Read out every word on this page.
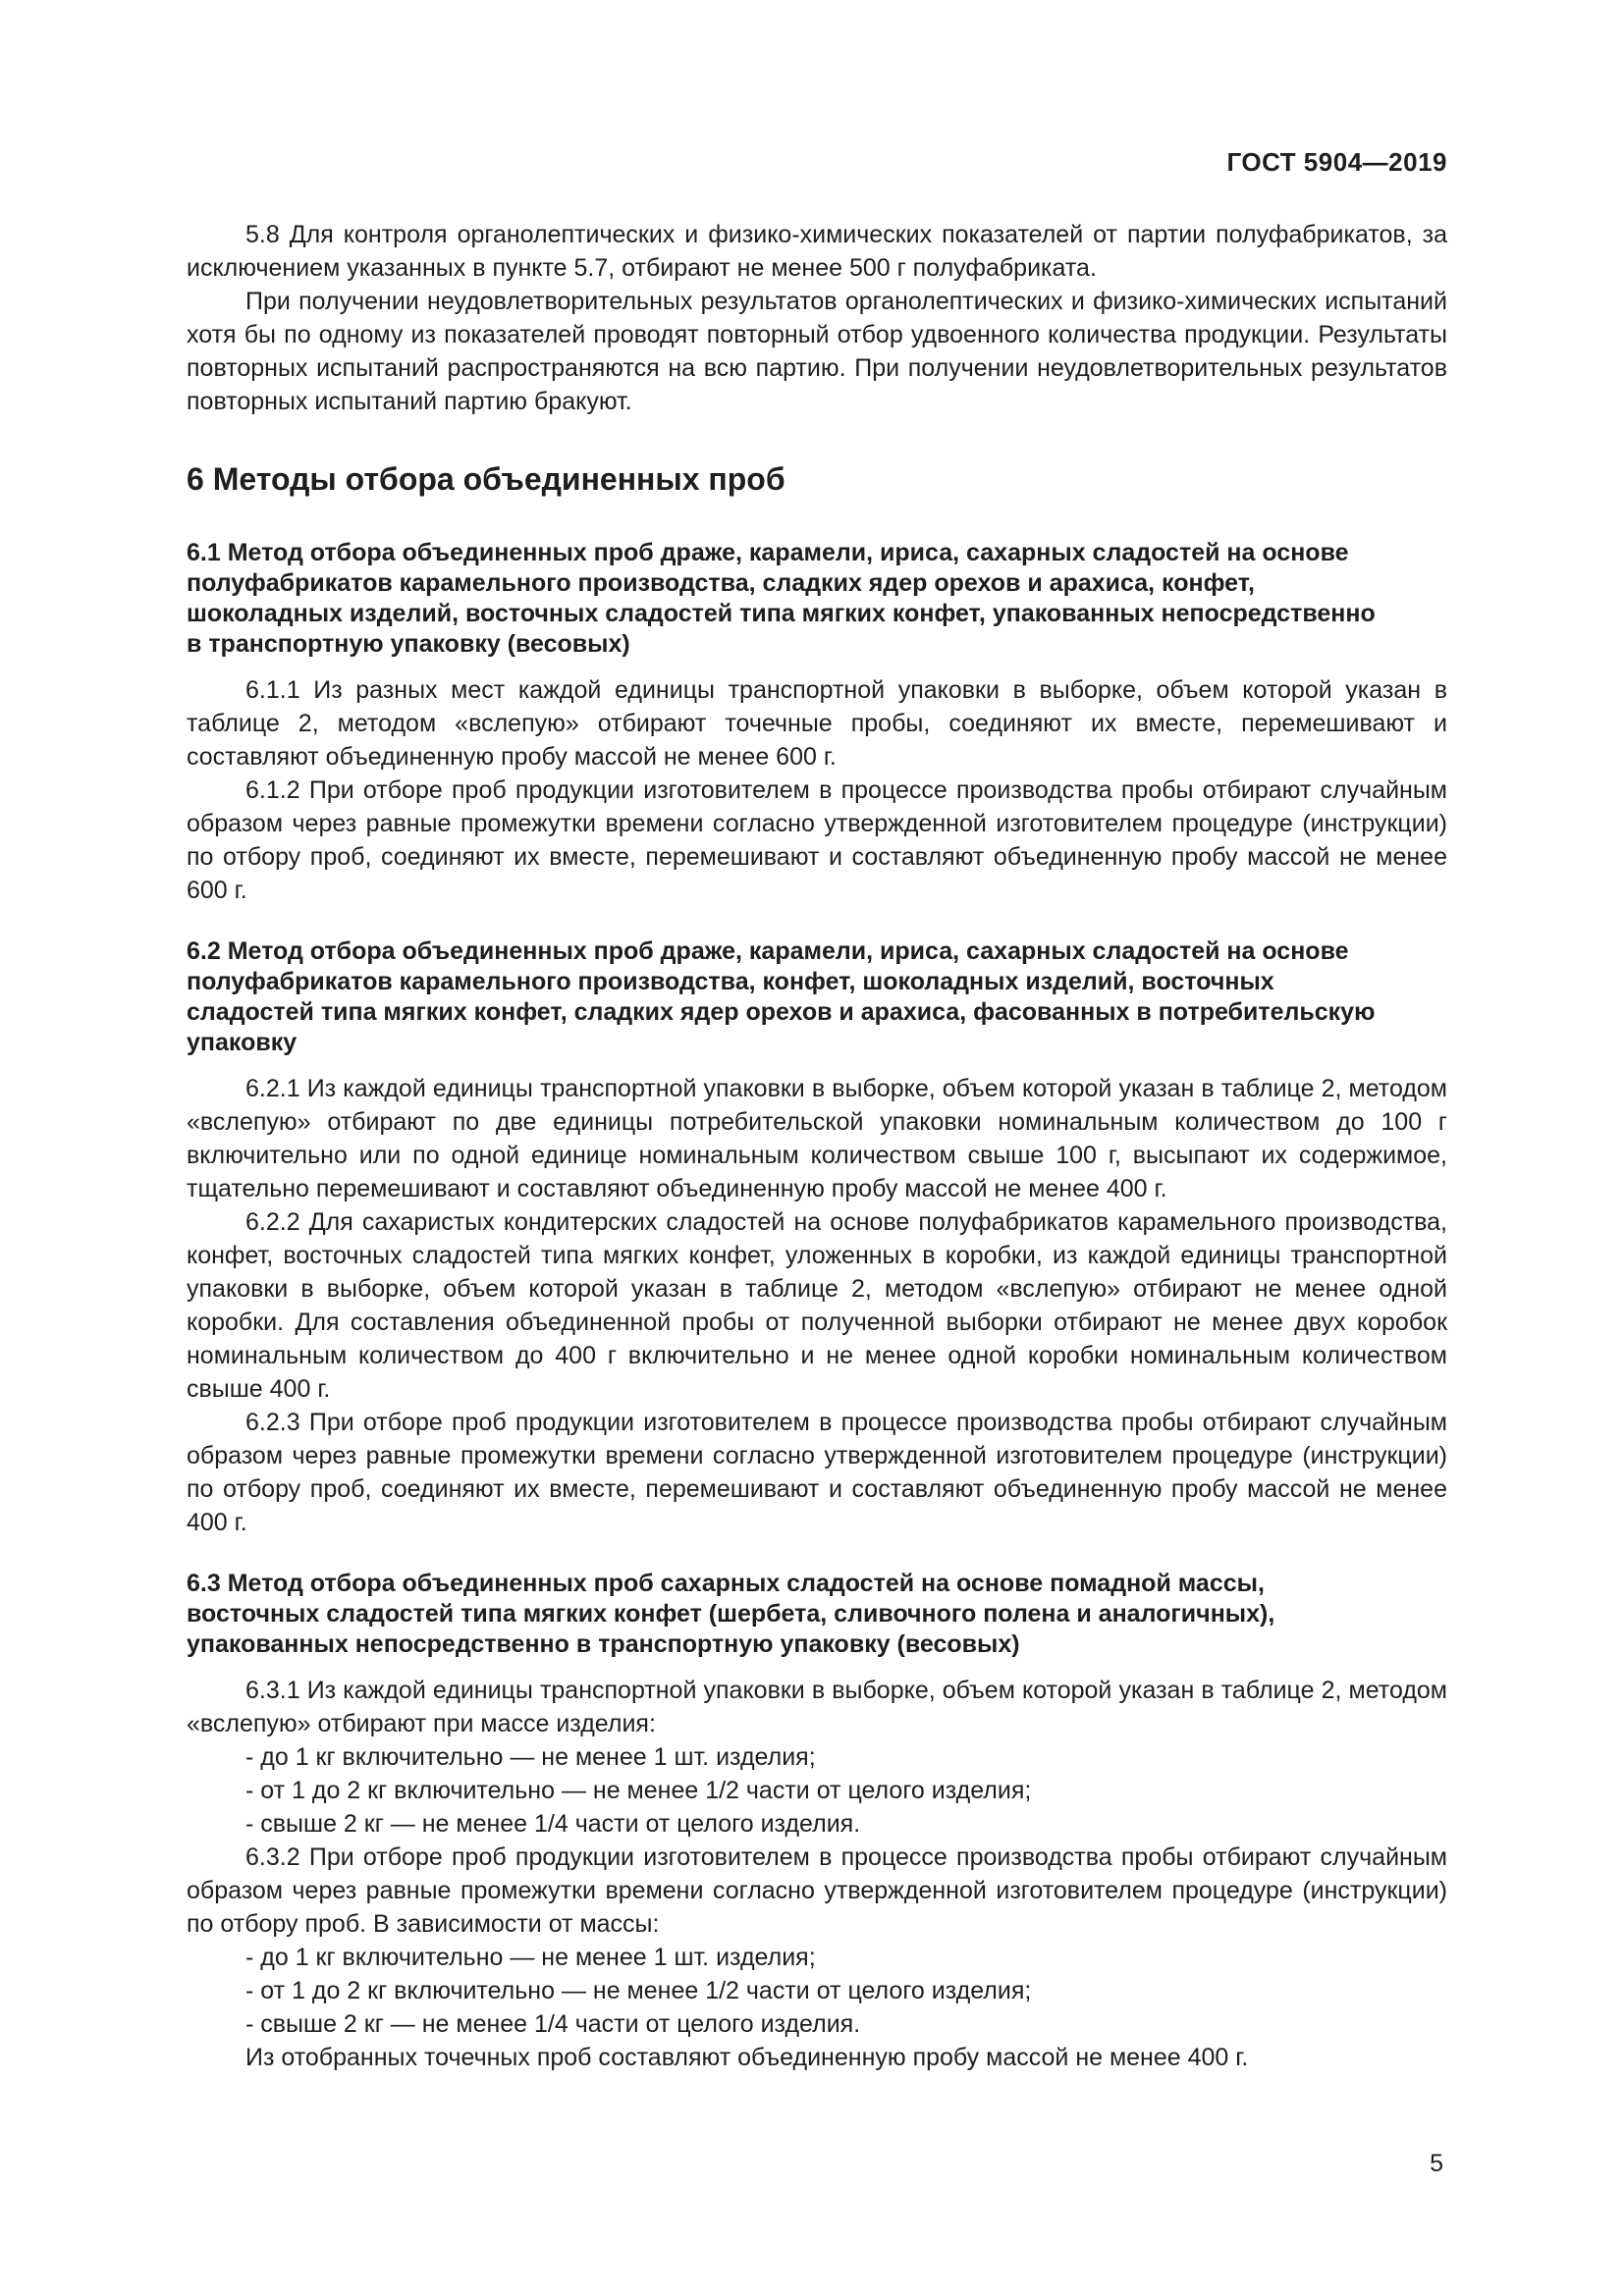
ГОСТ 5904—2019

5.8 Для контроля органолептических и физико-химических показателей от партии полуфабрикатов, за исключением указанных в пункте 5.7, отбирают не менее 500 г полуфабриката.

При получении неудовлетворительных результатов органолептических и физико-химических испытаний хотя бы по одному из показателей проводят повторный отбор удвоенного количества продукции. Результаты повторных испытаний распространяются на всю партию. При получении неудовлетворительных результатов повторных испытаний партию бракуют.

6 Методы отбора объединенных проб
6.1 Метод отбора объединенных проб драже, карамели, ириса, сахарных сладостей на основе полуфабрикатов карамельного производства, сладких ядер орехов и арахиса, конфет, шоколадных изделий, восточных сладостей типа мягких конфет, упакованных непосредственно в транспортную упаковку (весовых)

6.1.1 Из разных мест каждой единицы транспортной упаковки в выборке, объем которой указан в таблице 2, методом «вслепую» отбирают точечные пробы, соединяют их вместе, перемешивают и составляют объединенную пробу массой не менее 600 г.

6.1.2 При отборе проб продукции изготовителем в процессе производства пробы отбирают случайным образом через равные промежутки времени согласно утвержденной изготовителем процедуре (инструкции) по отбору проб, соединяют их вместе, перемешивают и составляют объединенную пробу массой не менее 600 г.

6.2 Метод отбора объединенных проб драже, карамели, ириса, сахарных сладостей на основе полуфабрикатов карамельного производства, конфет, шоколадных изделий, восточных сладостей типа мягких конфет, сладких ядер орехов и арахиса, фасованных в потребительскую упаковку

6.2.1 Из каждой единицы транспортной упаковки в выборке, объем которой указан в таблице 2, методом «вслепую» отбирают по две единицы потребительской упаковки номинальным количеством до 100 г включительно или по одной единице номинальным количеством свыше 100 г, высыпают их содержимое, тщательно перемешивают и составляют объединенную пробу массой не менее 400 г.

6.2.2 Для сахаристых кондитерских сладостей на основе полуфабрикатов карамельного производства, конфет, восточных сладостей типа мягких конфет, уложенных в коробки, из каждой единицы транспортной упаковки в выборке, объем которой указан в таблице 2, методом «вслепую» отбирают не менее одной коробки. Для составления объединенной пробы от полученной выборки отбирают не менее двух коробок номинальным количеством до 400 г включительно и не менее одной коробки номинальным количеством свыше 400 г.

6.2.3 При отборе проб продукции изготовителем в процессе производства пробы отбирают случайным образом через равные промежутки времени согласно утвержденной изготовителем процедуре (инструкции) по отбору проб, соединяют их вместе, перемешивают и составляют объединенную пробу массой не менее 400 г.

6.3 Метод отбора объединенных проб сахарных сладостей на основе помадной массы, восточных сладостей типа мягких конфет (шербета, сливочного полена и аналогичных), упакованных непосредственно в транспортную упаковку (весовых)

6.3.1 Из каждой единицы транспортной упаковки в выборке, объем которой указан в таблице 2, методом «вслепую» отбирают при массе изделия:

- до 1 кг включительно — не менее 1 шт. изделия;

- от 1 до 2 кг включительно — не менее 1/2 части от целого изделия;

- свыше 2 кг — не менее 1/4 части от целого изделия.

6.3.2 При отборе проб продукции изготовителем в процессе производства пробы отбирают случайным образом через равные промежутки времени согласно утвержденной изготовителем процедуре (инструкции) по отбору проб. В зависимости от массы:

- до 1 кг включительно — не менее 1 шт. изделия;

- от 1 до 2 кг включительно — не менее 1/2 части от целого изделия;

- свыше 2 кг — не менее 1/4 части от целого изделия.

Из отобранных точечных проб составляют объединенную пробу массой не менее 400 г.

5
